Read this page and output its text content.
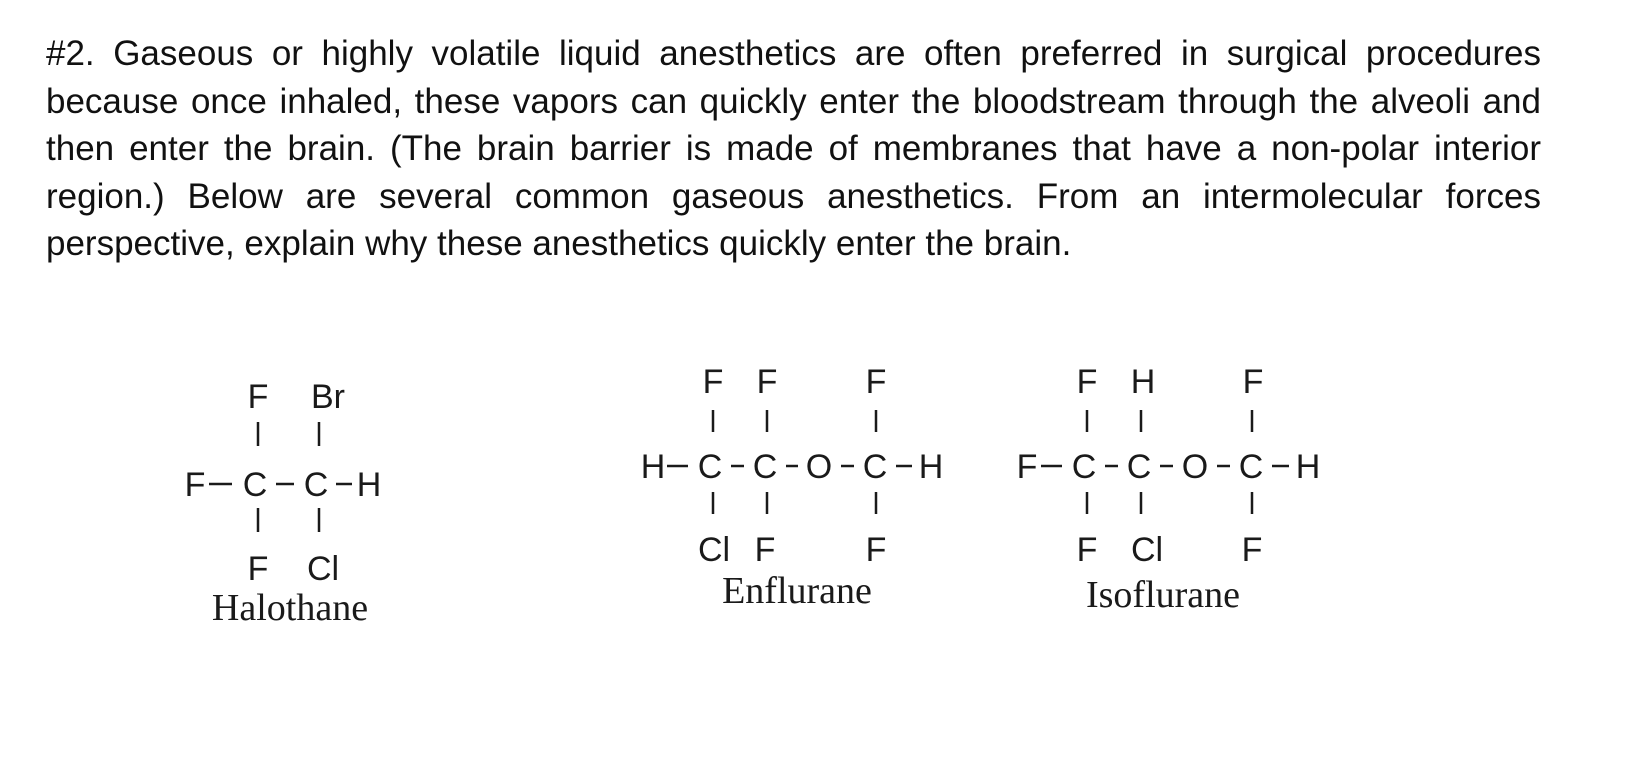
#2. Gaseous or highly volatile liquid anesthetics are often preferred in surgical procedures because once inhaled, these vapors can quickly enter the bloodstream through the alveoli and then enter the brain. (The brain barrier is made of membranes that have a non-polar interior region.) Below are several common gaseous anesthetics. From an intermolecular forces perspective, explain why these anesthetics quickly enter the brain.

F Br
F C C H
F Cl
Halothane
F F	F
H C C O C H
Cl F	F
Enflurane
F H	F
F C C O C H
F Cl F
Isoflurane
